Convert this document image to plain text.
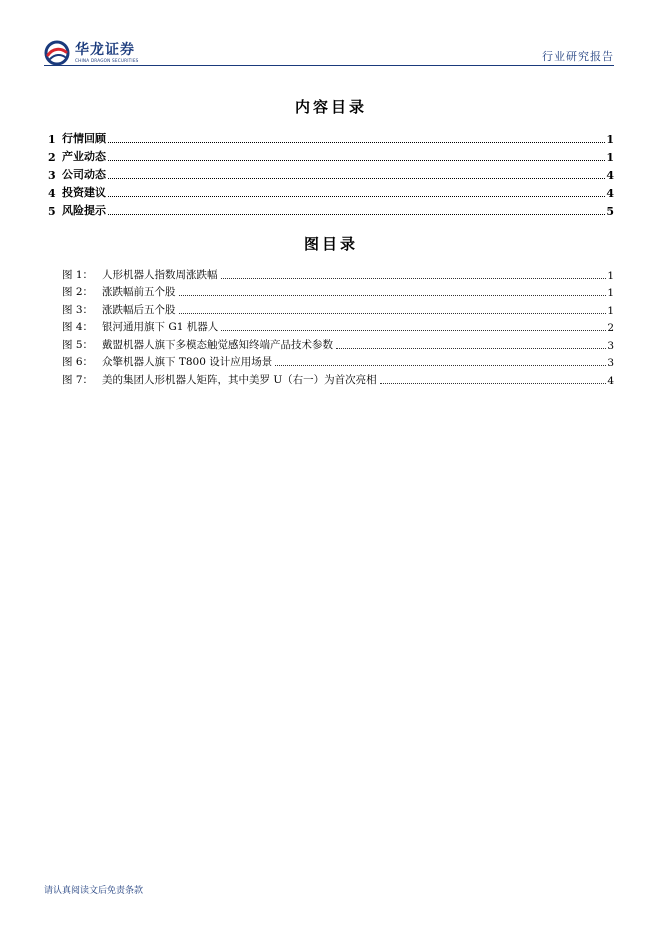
华龙证券
CHINA DRAGON SECURITIES	行业研究报告
内容目录
1 行情回顾	1
2 产业动态	1
3 公司动态	4
4 投资建议	4
5 风险提示	5
图目录
图 1： 人形机器人指数周涨跌幅	1
图 2： 涨跌幅前五个股	1
图 3： 涨跌幅后五个股	1
图 4： 银河通用旗下 G1 机器人	2
图 5： 戴盟机器人旗下多模态触觉感知终端产品技术参数	3
图 6： 众擎机器人旗下 T800 设计应用场景	3
图 7： 美的集团人形机器人矩阵，其中美罗 U（右一）为首次亮相	4
请认真阅读文后免责条款
